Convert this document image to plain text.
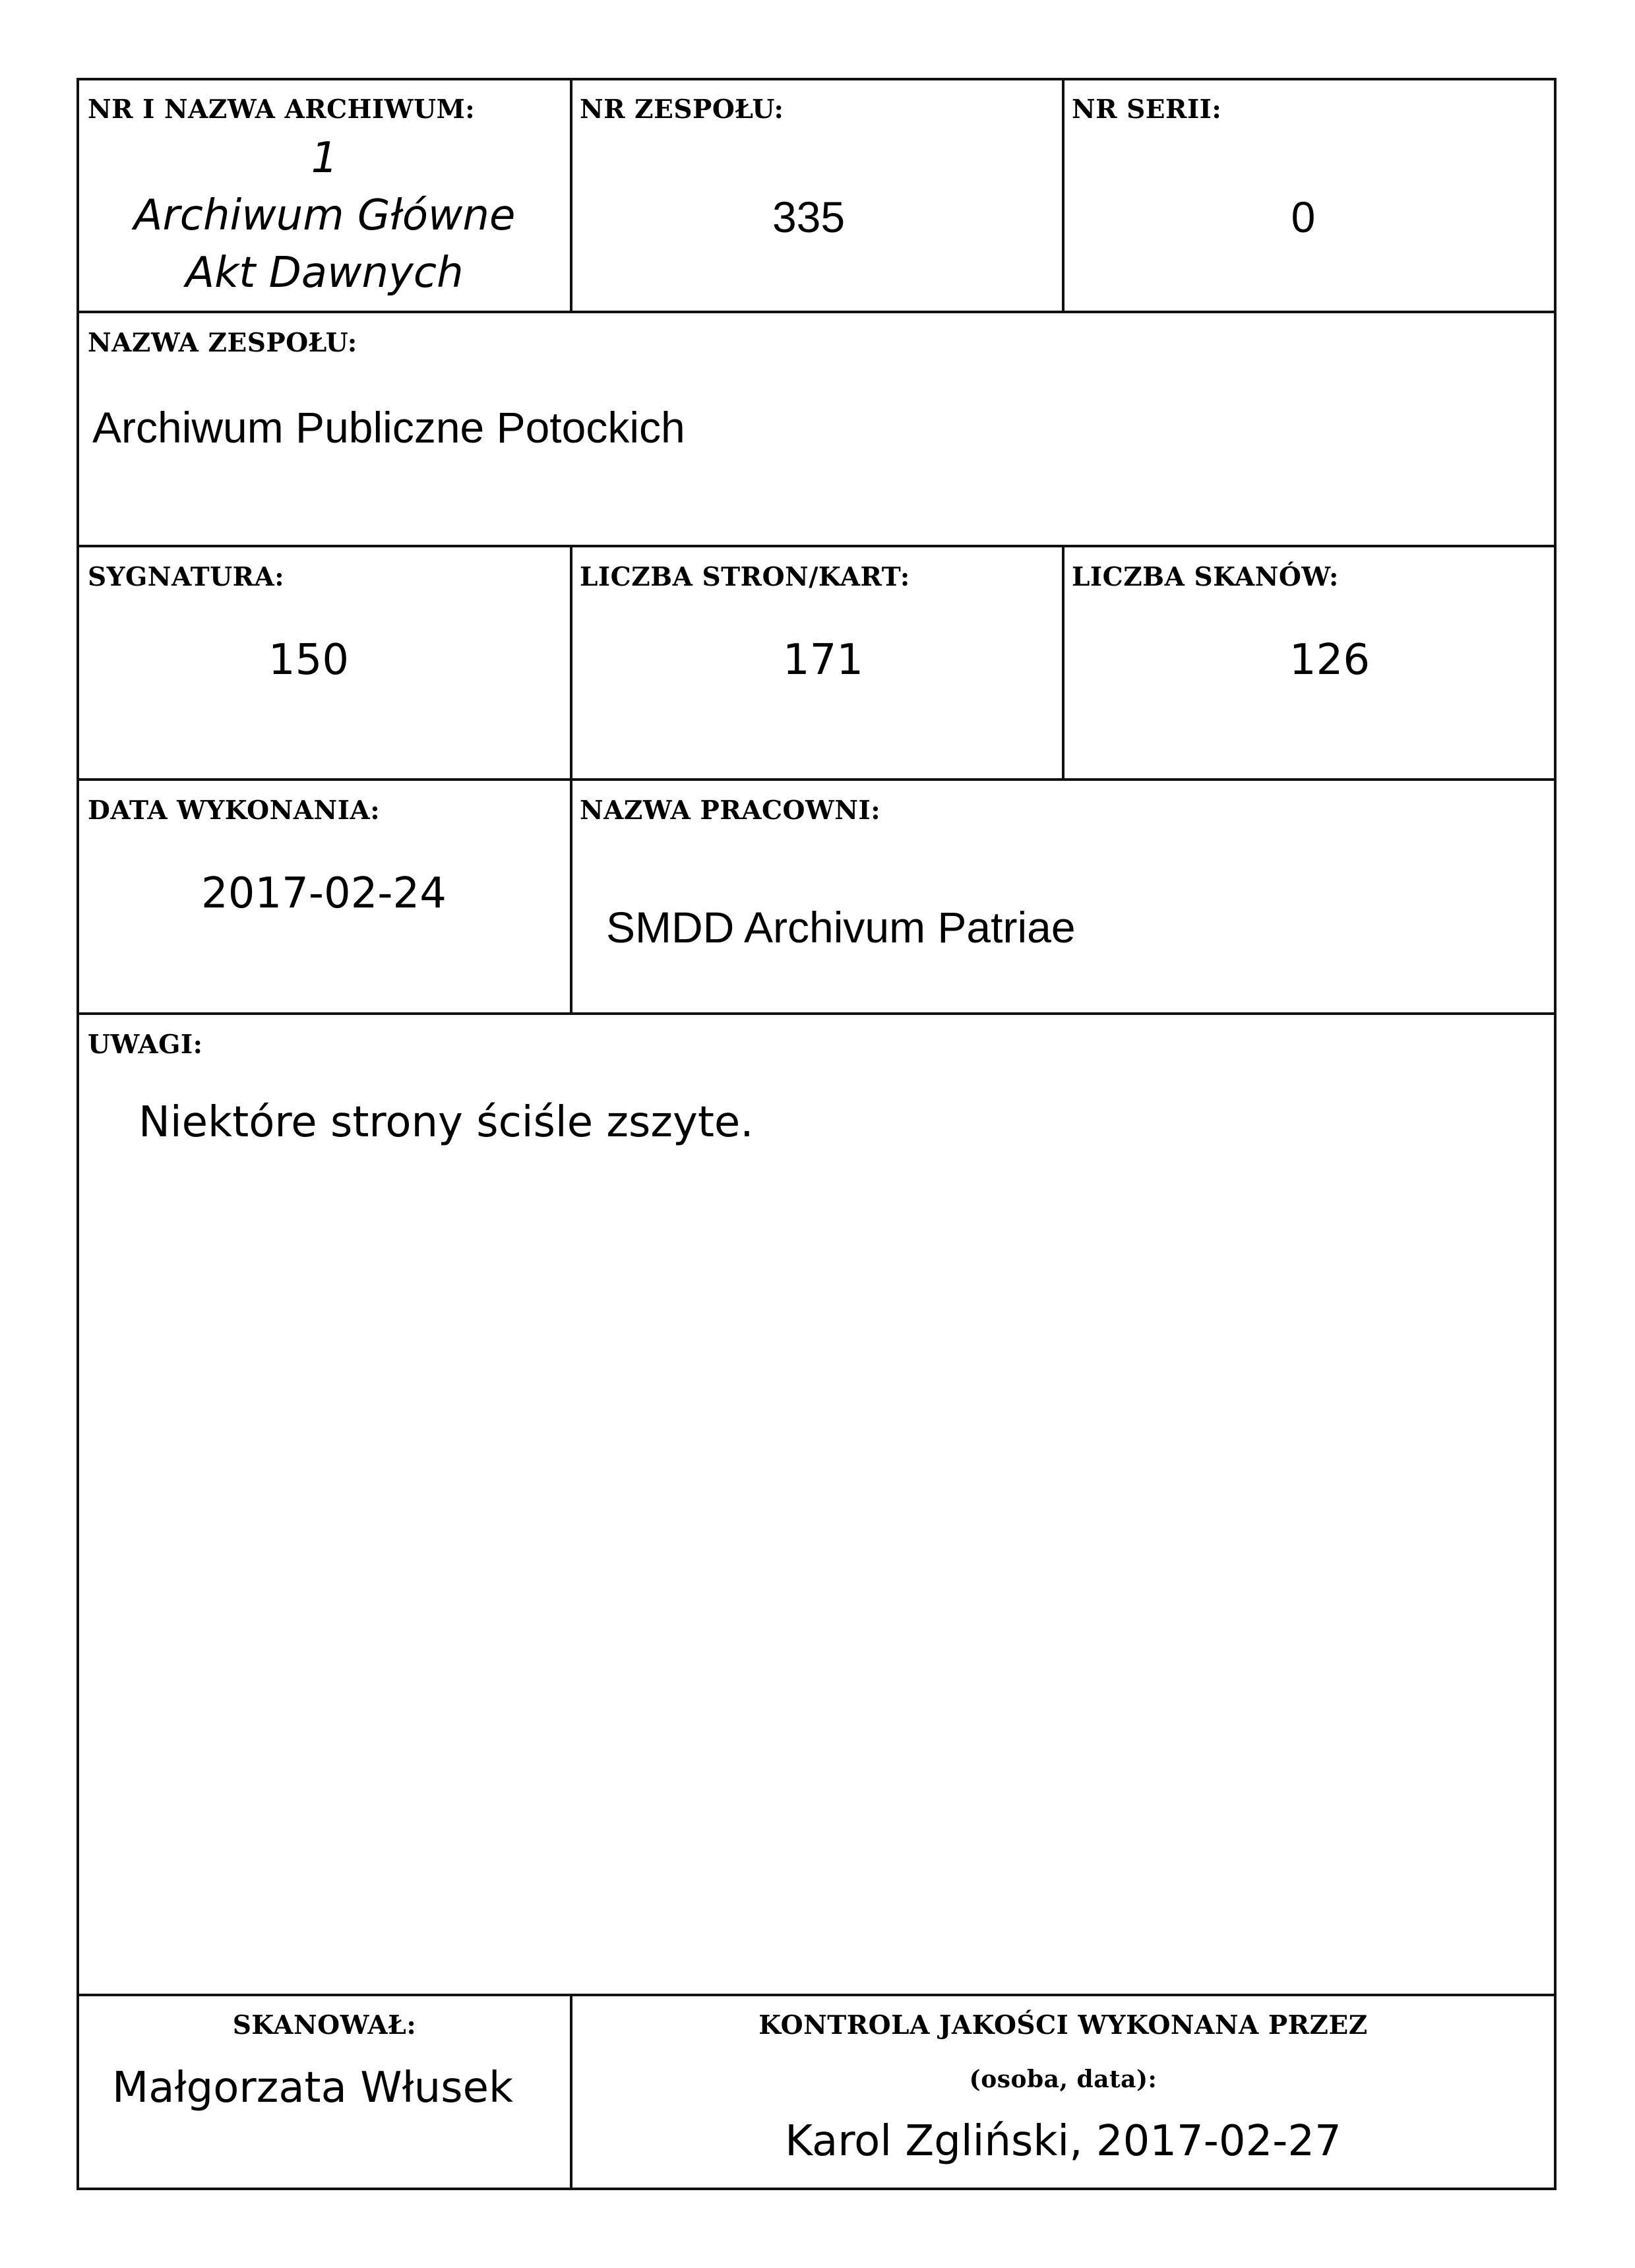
NR I NAZWA ARCHIWUM:
1
Archiwum Główne
Akt Dawnych
NR ZESPOŁU:
335
NR SERII:
0
NAZWA ZESPOŁU:
Archiwum Publiczne Potockich
SYGNATURA:
150
LICZBA STRON/KART:
171
LICZBA SKANÓW:
126
DATA WYKONANIA:
2017-02-24
NAZWA PRACOWNI:
SMDD Archivum Patriae
UWAGI:
Niektóre strony ściśle zszyte.
SKANOWAŁ:
Małgorzata Włusek
KONTROLA JAKOŚCI WYKONANA PRZEZ
(osoba, data):
Karol Zgliński, 2017-02-27
